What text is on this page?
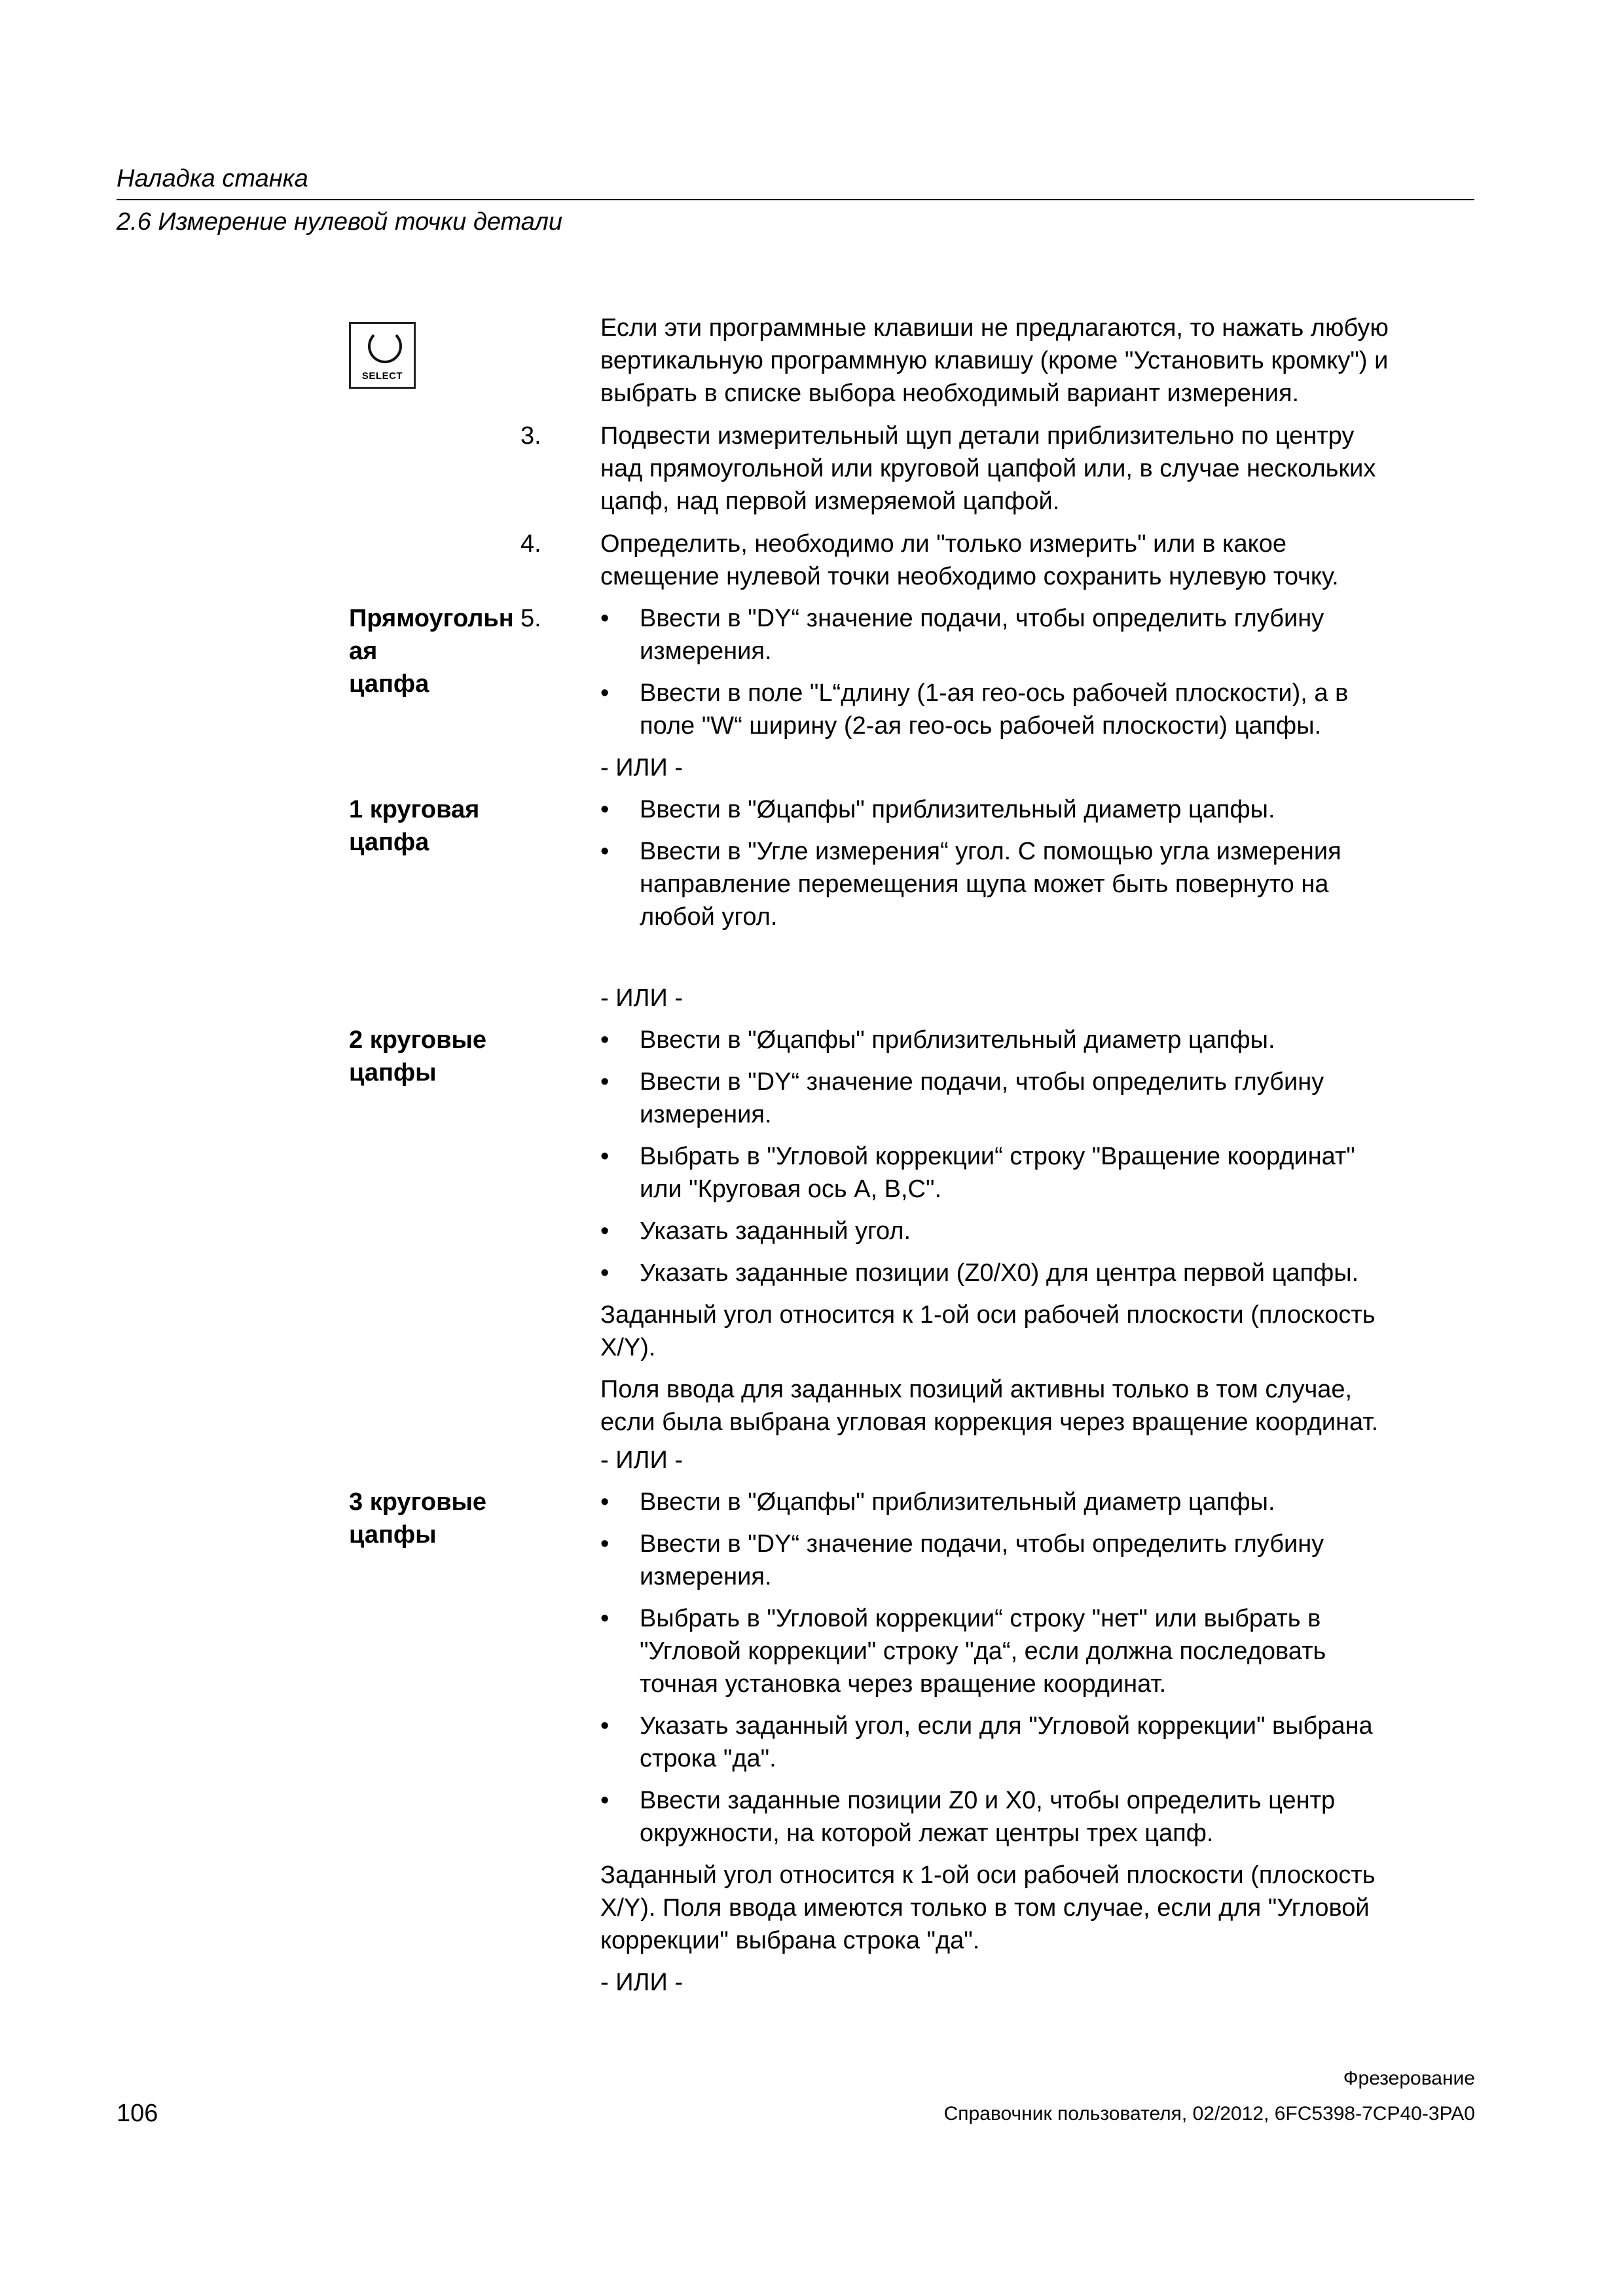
Наладка станка
2.6 Измерение нулевой точки детали
SELECT
Если эти программные клавиши не предлагаются, то нажать любую
вертикальную программную клавишу (кроме "Установить кромку") и
выбрать в списке выбора необходимый вариант измерения.
3. Подвести измерительный щуп детали приблизительно по центру
над прямоугольной или круговой цапфой или, в случае нескольких
цапф, над первой измеряемой цапфой.
4. Определить, необходимо ли "только измерить" или в какое
смещение нулевой точки необходимо сохранить нулевую точку.
Прямоугольн
ая
цапфа
5. • Ввести в "DY“ значение подачи, чтобы определить глубину
измерения.
• Ввести в поле "L“длину (1-ая гео-ось рабочей плоскости), а в
поле "W“ ширину (2-ая гео-ось рабочей плоскости) цапфы.
- ИЛИ -
1 круговая
цапфа
• Ввести в "Øцапфы" приблизительный диаметр цапфы.
• Ввести в "Угле измерения“ угол. С помощью угла измерения
направление перемещения щупа может быть повернуто на
любой угол.
- ИЛИ -
2 круговые
цапфы
• Ввести в "Øцапфы" приблизительный диаметр цапфы.
• Ввести в "DY“ значение подачи, чтобы определить глубину
измерения.
• Выбрать в "Угловой коррекции“ строку "Вращение координат"
или "Круговая ось A, B,C".
• Указать заданный угол.
• Указать заданные позиции (Z0/X0) для центра первой цапфы.
Заданный угол относится к 1-ой оси рабочей плоскости (плоскость
X/Y).
Поля ввода для заданных позиций активны только в том случае,
если была выбрана угловая коррекция через вращение координат.
- ИЛИ -
3 круговые
цапфы
• Ввести в "Øцапфы" приблизительный диаметр цапфы.
• Ввести в "DY“ значение подачи, чтобы определить глубину
измерения.
• Выбрать в "Угловой коррекции“ строку "нет" или выбрать в
"Угловой коррекции" строку "да“, если должна последовать
точная установка через вращение координат.
• Указать заданный угол, если для "Угловой коррекции" выбрана
строка "да".
• Ввести заданные позиции Z0 и X0, чтобы определить центр
окружности, на которой лежат центры трех цапф.
Заданный угол относится к 1-ой оси рабочей плоскости (плоскость
X/Y). Поля ввода имеются только в том случае, если для "Угловой
коррекции" выбрана строка "да".
- ИЛИ -
Фрезерование
106	Справочник пользователя, 02/2012, 6FC5398-7CP40-3PA0
